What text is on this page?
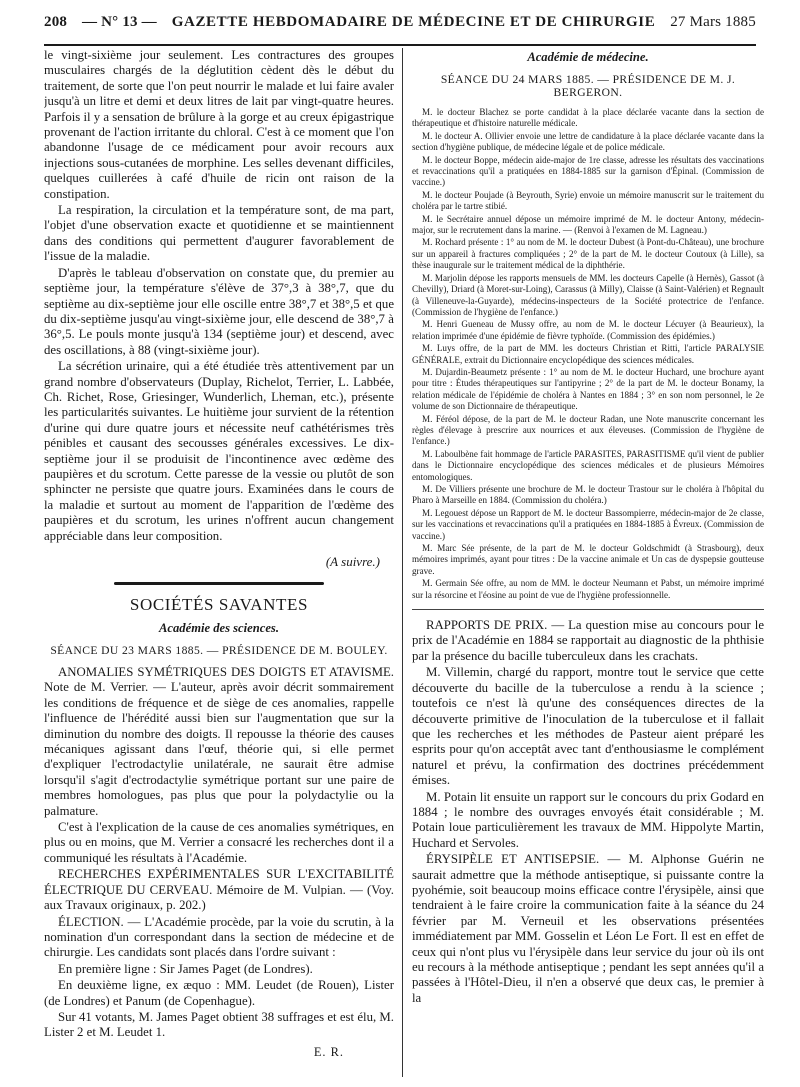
208 — N° 13 — GAZETTE HEBDOMADAIRE DE MÉDECINE ET DE CHIRURGIE 27 Mars 1885

le vingt-sixième jour seulement. Les contractures des groupes musculaires chargés de la déglutition cèdent dès le début du traitement, de sorte que l'on peut nourrir le malade et lui faire avaler jusqu'à un litre et demi et deux litres de lait par vingt-quatre heures. Parfois il y a sensation de brûlure à la gorge et au creux épigastrique provenant de l'action irritante du chloral. C'est à ce moment que l'on abandonne l'usage de ce médicament pour avoir recours aux injections sous-cutanées de morphine. Les selles devenant difficiles, quelques cuillerées à café d'huile de ricin ont raison de la constipation.

La respiration, la circulation et la température sont, de ma part, l'objet d'une observation exacte et quotidienne et se maintiennent dans des conditions qui permettent d'augurer favorablement de l'issue de la maladie.

D'après le tableau d'observation on constate que, du premier au septième jour, la température s'élève de 37°,3 à 38°,7, que du septième au dix-septième jour elle oscille entre 38°,7 et 38°,5 et que du dix-septième jusqu'au vingt-sixième jour, elle descend de 38°,7 à 36°,5. Le pouls monte jusqu'à 134 (septième jour) et descend, avec des oscillations, à 88 (vingt-sixième jour).

La sécrétion urinaire, qui a été étudiée très attentivement par un grand nombre d'observateurs (Duplay, Richelot, Terrier, L. Labbée, Ch. Richet, Rose, Griesinger, Wunderlich, Lheman, etc.), présente les particularités suivantes. Le huitième jour survient de la rétention d'urine qui dure quatre jours et nécessite neuf cathétérismes très pénibles et causant des secousses générales excessives. Le dix-septième jour il se produisit de l'incontinence avec œdème des paupières et du scrotum. Cette paresse de la vessie ou plutôt de son sphincter ne persiste que quatre jours. Examinées dans le cours de la maladie et surtout au moment de l'apparition de l'œdème des paupières et du scrotum, les urines n'offrent aucun changement appréciable dans leur composition.

(A suivre.)
SOCIÉTÉS SAVANTES
Académie des sciences.
SÉANCE DU 23 MARS 1885. — PRÉSIDENCE DE M. BOULEY.

ANOMALIES SYMÉTRIQUES DES DOIGTS ET ATAVISME. Note de M. Verrier. — L'auteur, après avoir décrit sommairement les conditions de fréquence et de siège de ces anomalies, rappelle l'influence de l'hérédité aussi bien sur l'augmentation que sur la diminution du nombre des doigts. Il repousse la théorie des causes mécaniques agissant dans l'œuf, théorie qui, si elle permet d'expliquer l'ectrodactylie unilatérale, ne saurait être admise lorsqu'il s'agit d'ectrodactylie symétrique portant sur une paire de membres homologues, pas plus que pour la polydactylie ou la palmature.

C'est à l'explication de la cause de ces anomalies symétriques, en plus ou en moins, que M. Verrier a consacré les recherches dont il a communiqué les résultats à l'Académie.

RECHERCHES EXPÉRIMENTALES SUR L'EXCITABILITÉ ÉLECTRIQUE DU CERVEAU. Mémoire de M. Vulpian. — (Voy. aux Travaux originaux, p. 202.)

ÉLECTION. — L'Académie procède, par la voie du scrutin, à la nomination d'un correspondant dans la section de médecine et de chirurgie. Les candidats sont placés dans l'ordre suivant :

En première ligne : Sir James Paget (de Londres).

En deuxième ligne, ex æquo : MM. Leudet (de Rouen), Lister (de Londres) et Panum (de Copenhague).

Sur 41 votants, M. James Paget obtient 38 suffrages et est élu, M. Lister 2 et M. Leudet 1.

E. R.
Académie de médecine.
SÉANCE DU 24 MARS 1885. — PRÉSIDENCE DE M. J. BERGERON.

M. le docteur Blachez se porte candidat à la place déclarée vacante dans la section de thérapeutique et d'histoire naturelle médicale.

M. le docteur A. Ollivier envoie une lettre de candidature à la place déclarée vacante dans la section d'hygiène publique, de médecine légale et de police médicale.

M. le docteur Boppe, médecin aide-major de 1re classe, adresse les résultats des vaccinations et revaccinations qu'il a pratiquées en 1884-1885 sur la garnison d'Épinal. (Commission de vaccine.)

M. le docteur Poujade (à Beyrouth, Syrie) envoie un mémoire manuscrit sur le traitement du choléra par le tartre stibié.

M. le Secrétaire annuel dépose un mémoire imprimé de M. le docteur Antony, médecin-major, sur le recrutement dans la marine. — (Renvoi à l'examen de M. Lagneau.)

M. Rochard présente : 1° au nom de M. le docteur Dubest (à Pont-du-Château), une brochure sur un appareil à fractures compliquées ; 2° de la part de M. le docteur Coutoux (à Lille), sa thèse inaugurale sur le traitement médical de la diphthérie.

M. Marjolin dépose les rapports mensuels de MM. les docteurs Capelle (à Hernès), Gassot (à Chevilly), Driard (à Moret-sur-Loing), Carassus (à Milly), Claisse (à Saint-Valérien) et Regnault (à Villeneuve-la-Guyarde), médecins-inspecteurs de la Société protectrice de l'enfance. (Commission de l'hygiène de l'enfance.)

M. Henri Gueneau de Mussy offre, au nom de M. le docteur Lécuyer (à Beaurieux), la relation imprimée d'une épidémie de fièvre typhoïde. (Commission des épidémies.)

M. Luys offre, de la part de MM. les docteurs Christian et Ritti, l'article PARALYSIE GÉNÉRALE, extrait du Dictionnaire encyclopédique des sciences médicales.

M. Dujardin-Beaumetz présente : 1° au nom de M. le docteur Huchard, une brochure ayant pour titre : Études thérapeutiques sur l'antipyrine ; 2° de la part de M. le docteur Bonamy, la relation médicale de l'épidémie de choléra à Nantes en 1884 ; 3° en son nom personnel, le 2e volume de son Dictionnaire de thérapeutique.

M. Féréol dépose, de la part de M. le docteur Radan, une Note manuscrite concernant les règles d'élevage à prescrire aux nourrices et aux éleveuses. (Commission de l'hygiène de l'enfance.)

M. Laboulbène fait hommage de l'article PARASITES, PARASITISME qu'il vient de publier dans le Dictionnaire encyclopédique des sciences médicales et de plusieurs Mémoires entomologiques.

M. De Villiers présente une brochure de M. le docteur Trastour sur le choléra à l'hôpital du Pharo à Marseille en 1884. (Commission du choléra.)

M. Legouest dépose un Rapport de M. le docteur Bassompierre, médecin-major de 2e classe, sur les vaccinations et revaccinations qu'il a pratiquées en 1884-1885 à Évreux. (Commission de vaccine.)

M. Marc Sée présente, de la part de M. le docteur Goldschmidt (à Strasbourg), deux mémoires imprimés, ayant pour titres : De la vaccine animale et Un cas de dyspepsie goutteuse grave.

M. Germain Sée offre, au nom de MM. le docteur Neumann et Pabst, un mémoire imprimé sur la résorcine et l'éosine au point de vue de l'hygiène professionnelle.

RAPPORTS DE PRIX. — La question mise au concours pour le prix de l'Académie en 1884 se rapportait au diagnostic de la phthisie par la présence du bacille tuberculeux dans les crachats.

M. Villemin, chargé du rapport, montre tout le service que cette découverte du bacille de la tuberculose a rendu à la science ; toutefois ce n'est là qu'une des conséquences directes de la découverte primitive de l'inoculation de la tuberculose et il fallait que les recherches et les méthodes de Pasteur aient préparé les esprits pour qu'on acceptât avec tant d'enthousiasme le complément naturel et prévu, la confirmation des doctrines précédemment émises.

M. Potain lit ensuite un rapport sur le concours du prix Godard en 1884 ; le nombre des ouvrages envoyés était considérable ; M. Potain loue particulièrement les travaux de MM. Hippolyte Martin, Huchard et Servoles.

ÉRYSIPÈLE ET ANTISEPSIE. — M. Alphonse Guérin ne saurait admettre que la méthode antiseptique, si puissante contre la pyohémie, soit beaucoup moins efficace contre l'érysipèle, ainsi que tendraient à le faire croire la communication faite à la séance du 24 février par M. Verneuil et les observations présentées immédiatement par MM. Gosselin et Léon Le Fort. Il est en effet de ceux qui n'ont plus vu l'érysipèle dans leur service du jour où ils ont eu recours à la méthode antiseptique ; pendant les sept années qu'il a passées à l'Hôtel-Dieu, il n'en a observé que deux cas, le premier à la
